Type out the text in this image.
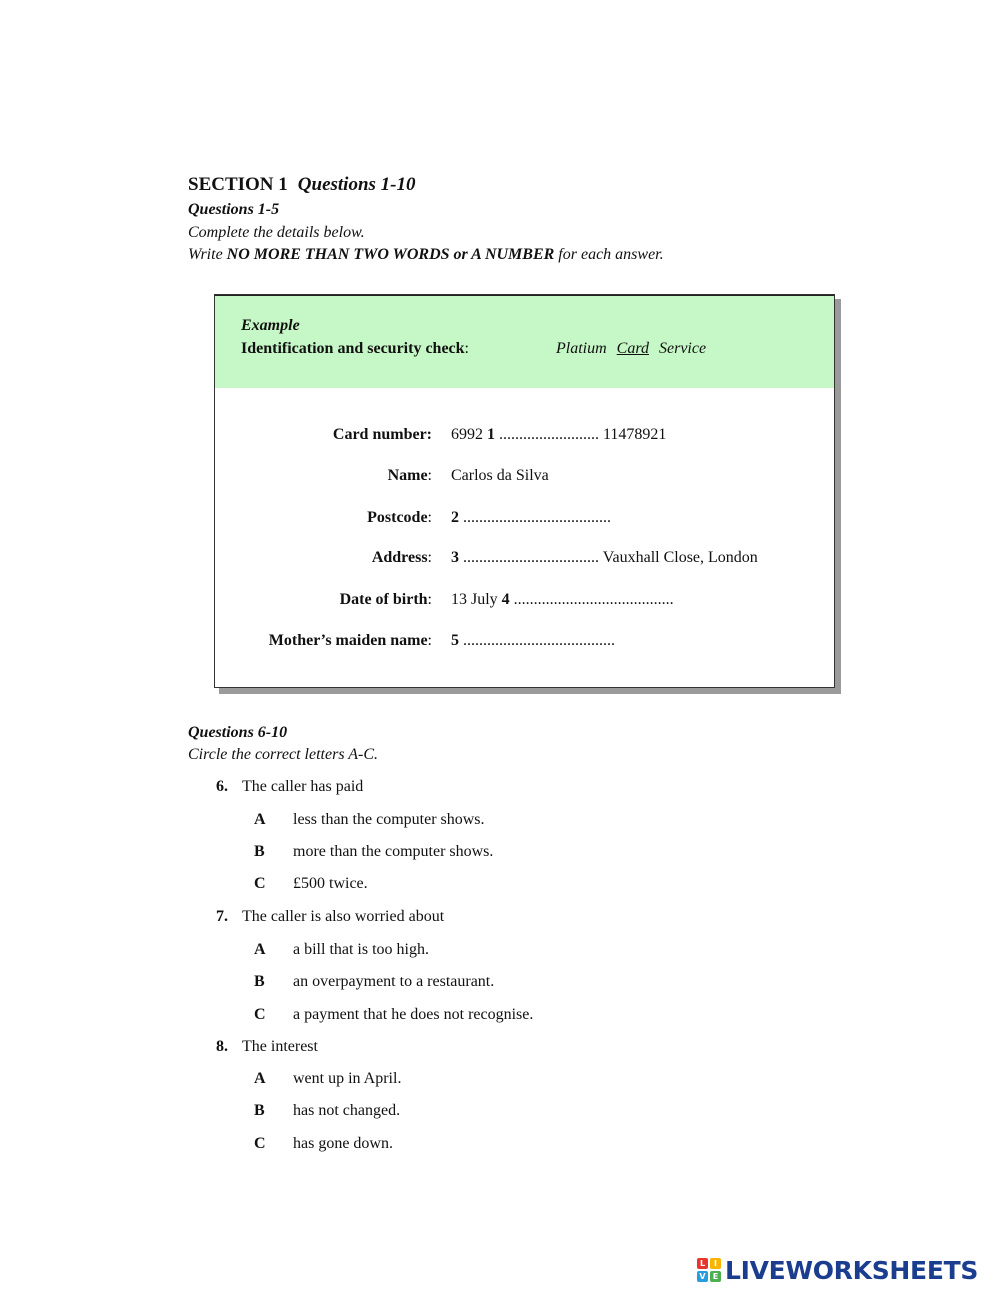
SECTION 1 Questions 1-10
Questions 1-5
Complete the details below.
Write NO MORE THAN TWO WORDS or A NUMBER for each answer.
Example
Identification and security check:	Platium Card Service
Card number: 6992 1 ......................... 11478921
Name: Carlos da Silva
Postcode: 2 .....................................
Address: 3 .................................. Vauxhall Close, London
Date of birth: 13 July 4 ........................................
Mother’s maiden name: 5 ......................................
Questions 6-10
Circle the correct letters A-C.
6. The caller has paid
A less than the computer shows.
B more than the computer shows.
C £500 twice.
7. The caller is also worried about
A a bill that is too high.
B an overpayment to a restaurant.
C a payment that he does not recognise.
8. The interest
A went up in April.
B has not changed.
C has gone down.
L	I
V E LIVEWORKSHEETS
